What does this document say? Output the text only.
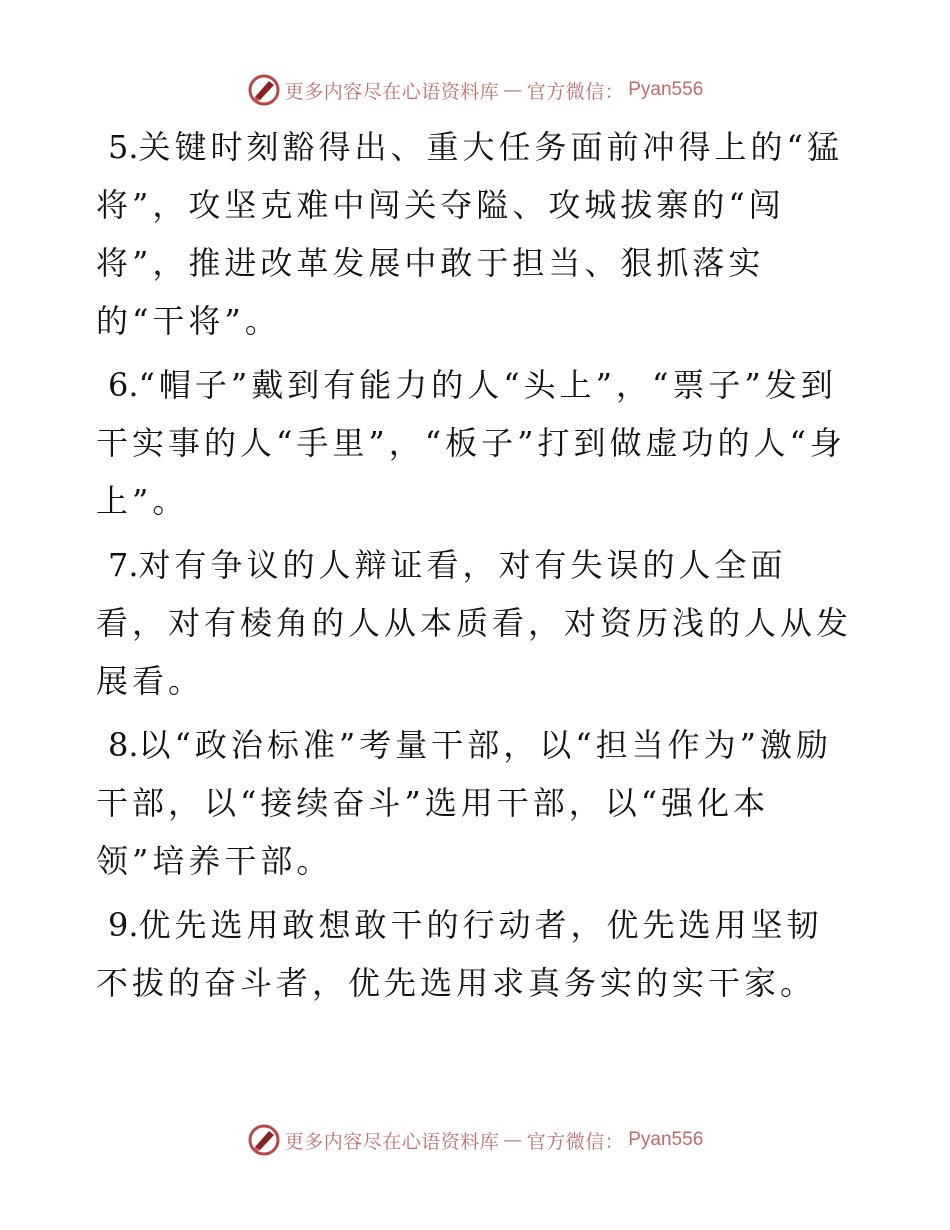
更多内容尽在心语资料库 — 官方微信： Pyan556

5.关键时刻豁得出、重大任务面前冲得上的“猛将”，攻坚克难中闯关夺隘、攻城拔寨的“闯将”，推进改革发展中敢于担当、狠抓落实的“干将”。

6.“帽子”戴到有能力的人“头上”，“票子”发到干实事的人“手里”，“板子”打到做虚功的人“身上”。

7.对有争议的人辩证看，对有失误的人全面看，对有棱角的人从本质看，对资历浅的人从发展看。

8.以“政治标准”考量干部，以“担当作为”激励干部，以“接续奋斗”选用干部，以“强化本领”培养干部。

9.优先选用敢想敢干的行动者，优先选用坚韧不拔的奋斗者，优先选用求真务实的实干家。

更多内容尽在心语资料库 — 官方微信： Pyan556
